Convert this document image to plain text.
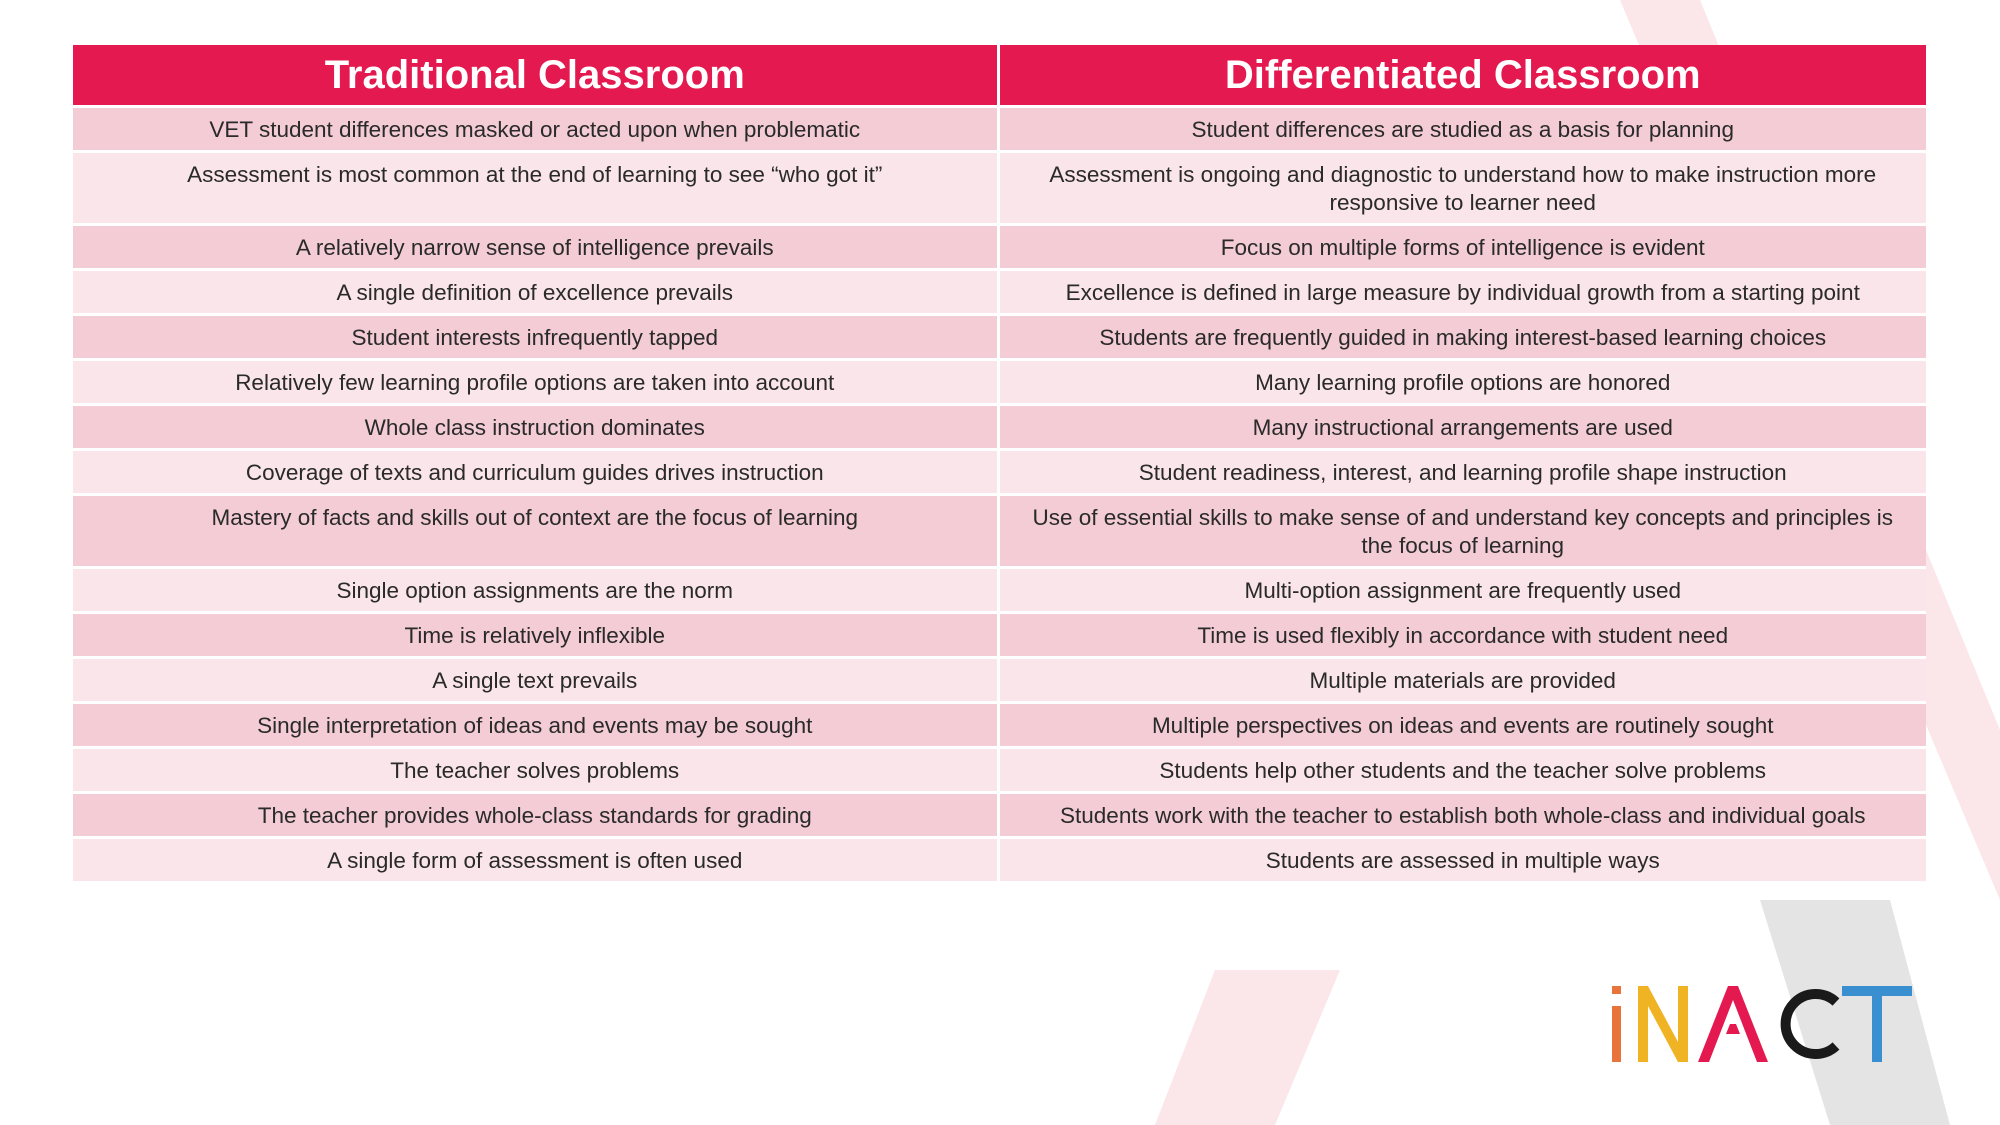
Traditional Classroom	Differentiated Classroom
VET student differences masked or acted upon when problematic	Student differences are studied as a basis for planning
Assessment is most common at the end of learning to see “who got it”	Assessment is ongoing and diagnostic to understand how to make instruction more responsive to learner need
A relatively narrow sense of intelligence prevails	Focus on multiple forms of intelligence is evident
A single definition of excellence prevails	Excellence is defined in large measure by individual growth from a starting point
Student interests infrequently tapped	Students are frequently guided in making interest-based learning choices
Relatively few learning profile options are taken into account	Many learning profile options are honored
Whole class instruction dominates	Many instructional arrangements are used
Coverage of texts and curriculum guides drives instruction	Student readiness, interest, and learning profile shape instruction
Mastery of facts and skills out of context are the focus of learning	Use of essential skills to make sense of and understand key concepts and principles is the focus of learning
Single option assignments are the norm	Multi-option assignment are frequently used
Time is relatively inflexible	Time is used flexibly in accordance with student need
A single text prevails	Multiple materials are provided
Single interpretation of ideas and events may be sought	Multiple perspectives on ideas and events are routinely sought
The teacher solves problems	Students help other students and the teacher solve problems
The teacher provides whole-class standards for grading	Students work with the teacher to establish both whole-class and individual goals
A single form of assessment is often used	Students are assessed in multiple ways
